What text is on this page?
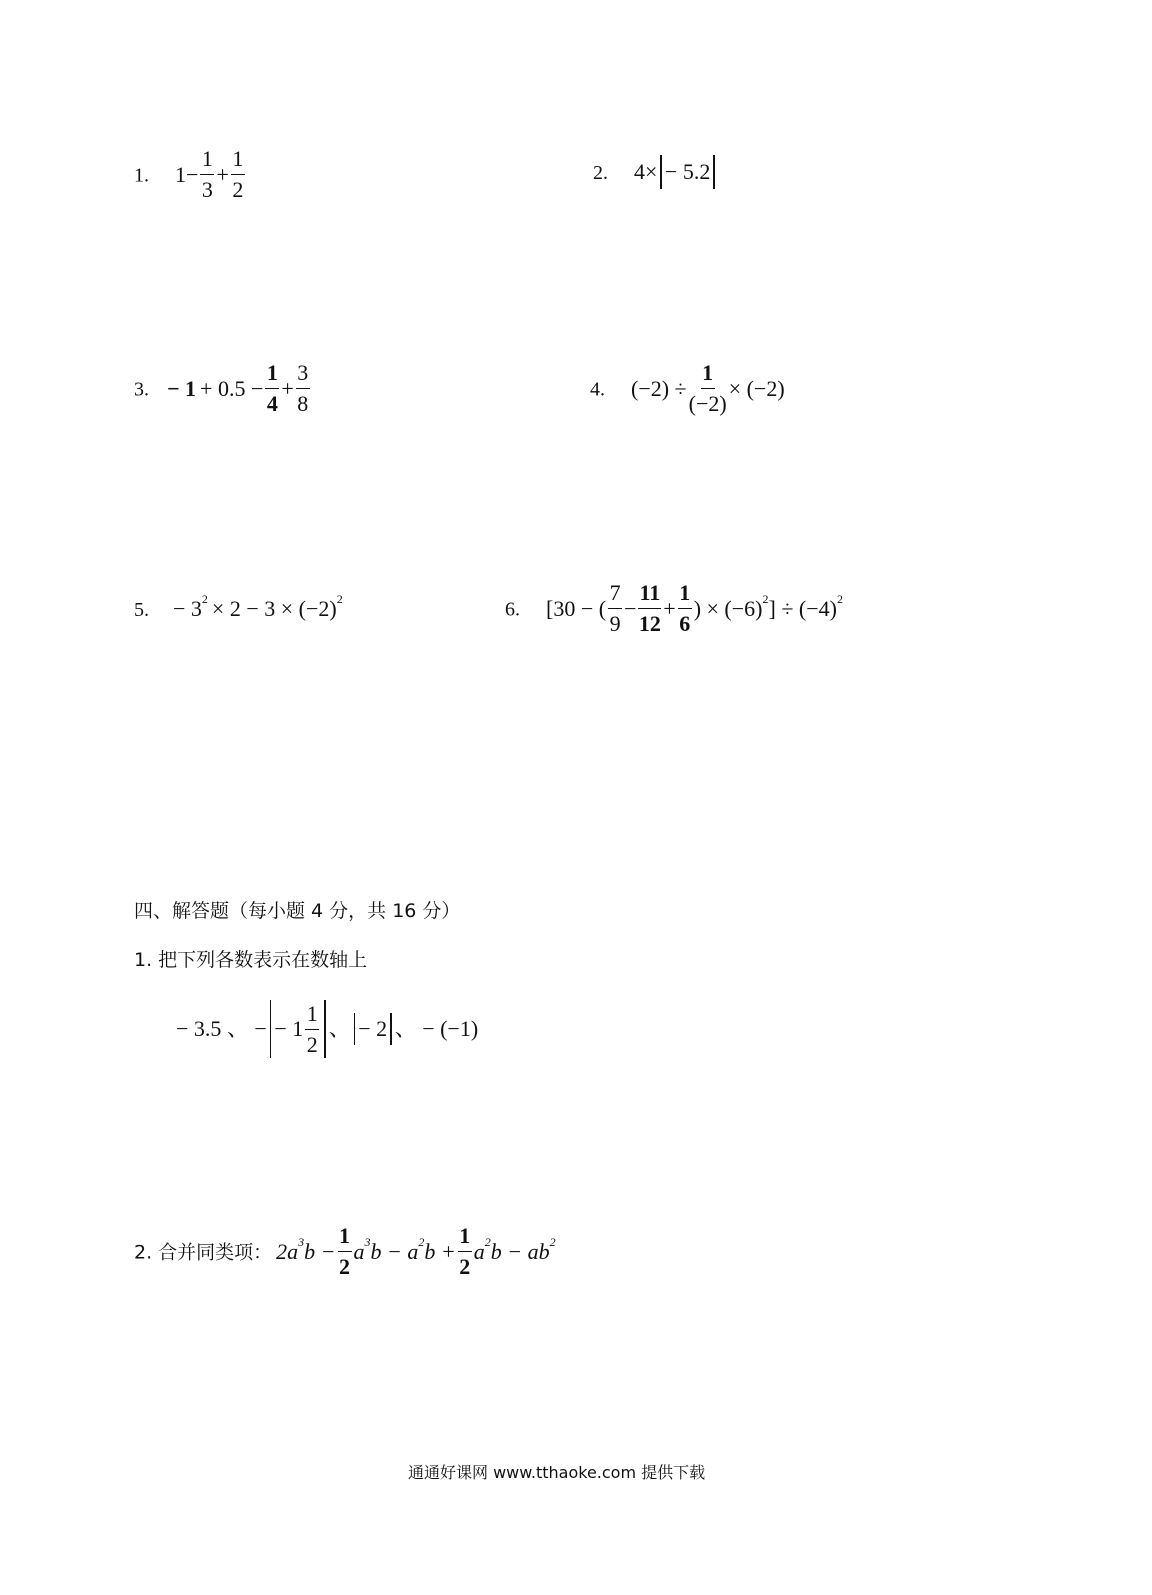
1. $1 - \frac{1}{3} + \frac{1}{2}$	2. 4× − 5.2
3. − $1 + 0.5 - \frac{1}{4} + \frac{3}{8}$	4. $(-2) \div \frac{1}{(-2)} \times (-2)$
5. − $3^2 \times 2 - 3 \times (-2)^2$	6. [30 − ( $\frac{7}{9} - \frac{11}{12} + \frac{1}{6}$ ) × $(-6)^2$ ] ÷ $(-4)^2$
四、解答题（每小题 4 分，共 16 分）
1. 把下列各数表示在数轴上
− 3.5 、 − − $1 \frac{1}{2}$ 、 − 2 、 − (−1)
2. 合并同类项： $2a^3$ $b - \frac{1}{2} a^3$ $b - a^2$ $b + \frac{1}{2} a^2$ $b - ab^2$
通通好课网 www.tthaoke.com 提供下载
